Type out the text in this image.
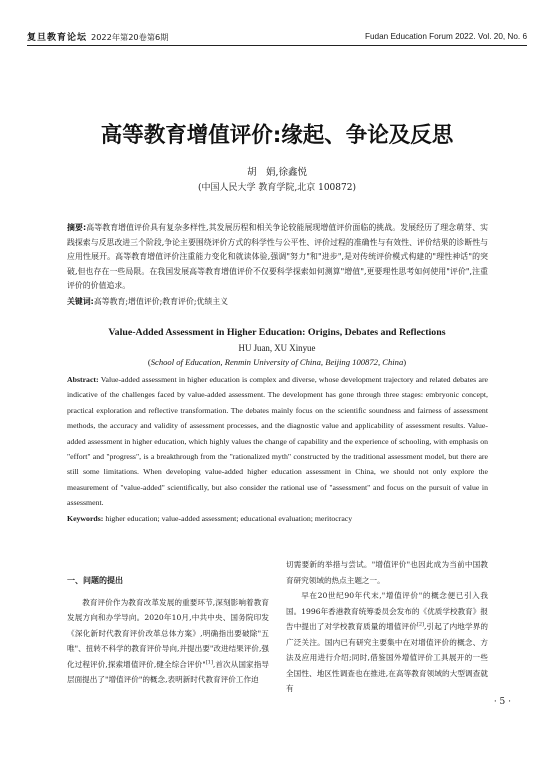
复旦教育论坛 2022年第20卷第6期	Fudan Education Forum 2022. Vol. 20, No. 6
高等教育增值评价:缘起、争论及反思
胡　娟,徐鑫悦
(中国人民大学 教育学院,北京 100872)
摘要:高等教育增值评价具有复杂多样性,其发展历程和相关争论较能展现增值评价面临的挑战。发展经历了理念萌芽、实践探索与反思改进三个阶段,争论主要围绕评价方式的科学性与公平性、评价过程的准确性与有效性、评价结果的诊断性与应用性展开。高等教育增值评价注重能力变化和就读体验,强调"努力"和"进步",是对传统评价模式构建的"理性神话"的突破,但也存在一些局限。在我国发展高等教育增值评价不仅要科学探索如何测算"增值",更要理性思考如何使用"评价",注重评价的价值追求。
关键词:高等教育;增值评价;教育评价;优绩主义
Value-Added Assessment in Higher Education: Origins, Debates and Reflections
HU Juan, XU Xinyue
(School of Education, Renmin University of China, Beijing 100872, China)
Abstract: Value-added assessment in higher education is complex and diverse, whose development trajectory and related debates are indicative of the challenges faced by value-added assessment. The development has gone through three stages: embryonic concept, practical exploration and reflective transformation. The debates mainly focus on the scientific soundness and fairness of assessment methods, the accuracy and validity of assessment processes, and the diagnostic value and applicability of assessment results. Value-added assessment in higher education, which highly values the change of capability and the experience of schooling, with emphasis on "effort" and "progress", is a breakthrough from the "rationalized myth" constructed by the traditional assessment model, but there are still some limitations. When developing value-added higher education assessment in China, we should not only explore the measurement of "value-added" scientifically, but also consider the rational use of "assessment" and focus on the pursuit of value in assessment.
Keywords: higher education; value-added assessment; educational evaluation; meritocracy
一、问题的提出

教育评价作为教育改革发展的重要环节,深刻影响着教育发展方向和办学导向。2020年10月,中共中央、国务院印发《深化新时代教育评价改革总体方案》,明确指出要破除"五唯"、扭转不科学的教育评价导向,并提出要"改进结果评价,强化过程评价,探索增值评价,健全综合评价"[1],首次从国家指导层面提出了"增值评价"的概念,表明新时代教育评价工作迫

切需要新的举措与尝试。"增值评价"也因此成为当前中国教育研究领域的热点主题之一。

早在20世纪90年代末,"增值评价"的概念便已引入我国。1996年香港教育统筹委员会发布的《优质学校教育》报告中提出了对学校教育质量的增值评价[2],引起了内地学界的广泛关注。国内已有研究主要集中在对增值评价的概念、方法及应用进行介绍;同时,借鉴国外增值评价工具展开的一些全国性、地区性调查也在推进,在高等教育领域的大型调查就有

· 5 ·
